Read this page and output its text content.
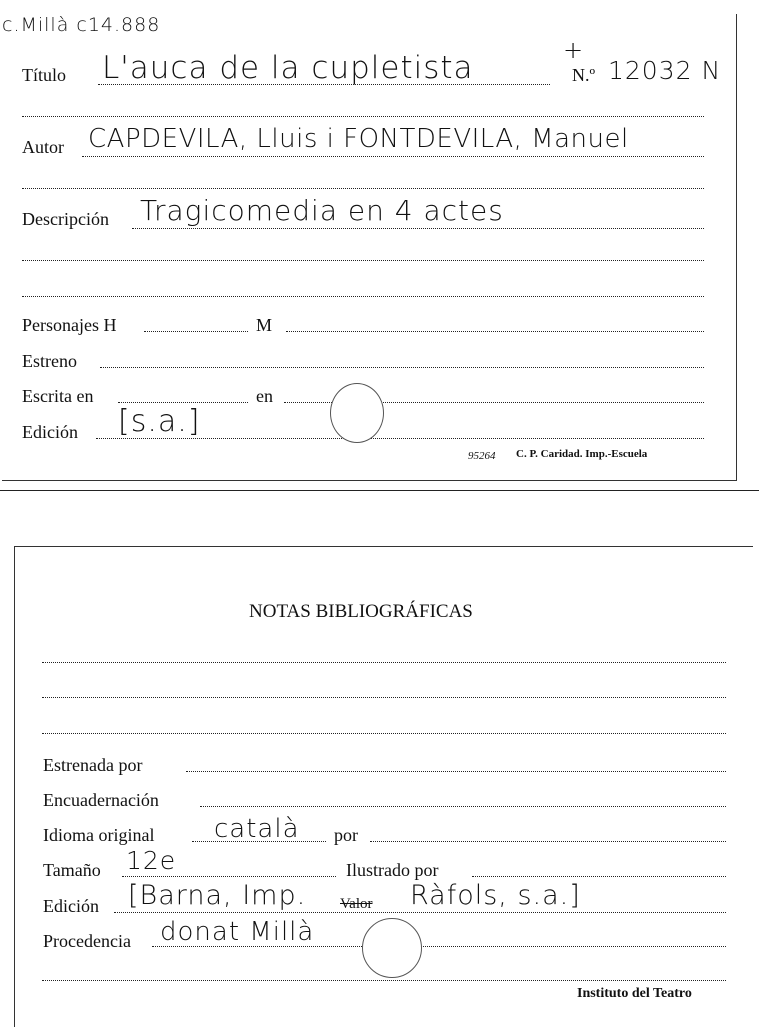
c.Millà c14.888
Título L'auca de la cupletista	+
N.º 12032 N
Autor CAPDEVILA, Lluis i FONTDEVILA, Manuel
Descripción Tragicomedia en 4 actes
Personajes H	M
Estreno
Escrita en	en
Edición [s.a.]
95264 C. P. Caridad. Imp.-Escuela
NOTAS BIBLIOGRÁFICAS
Estrenada por
Encuadernación
Idioma original català por
Tamaño 12e	Ilustrado por
Edición [Barna, Imp. Valor Ràfols, s.a.]
Procedencia donat Millà
Instituto del Teatro
